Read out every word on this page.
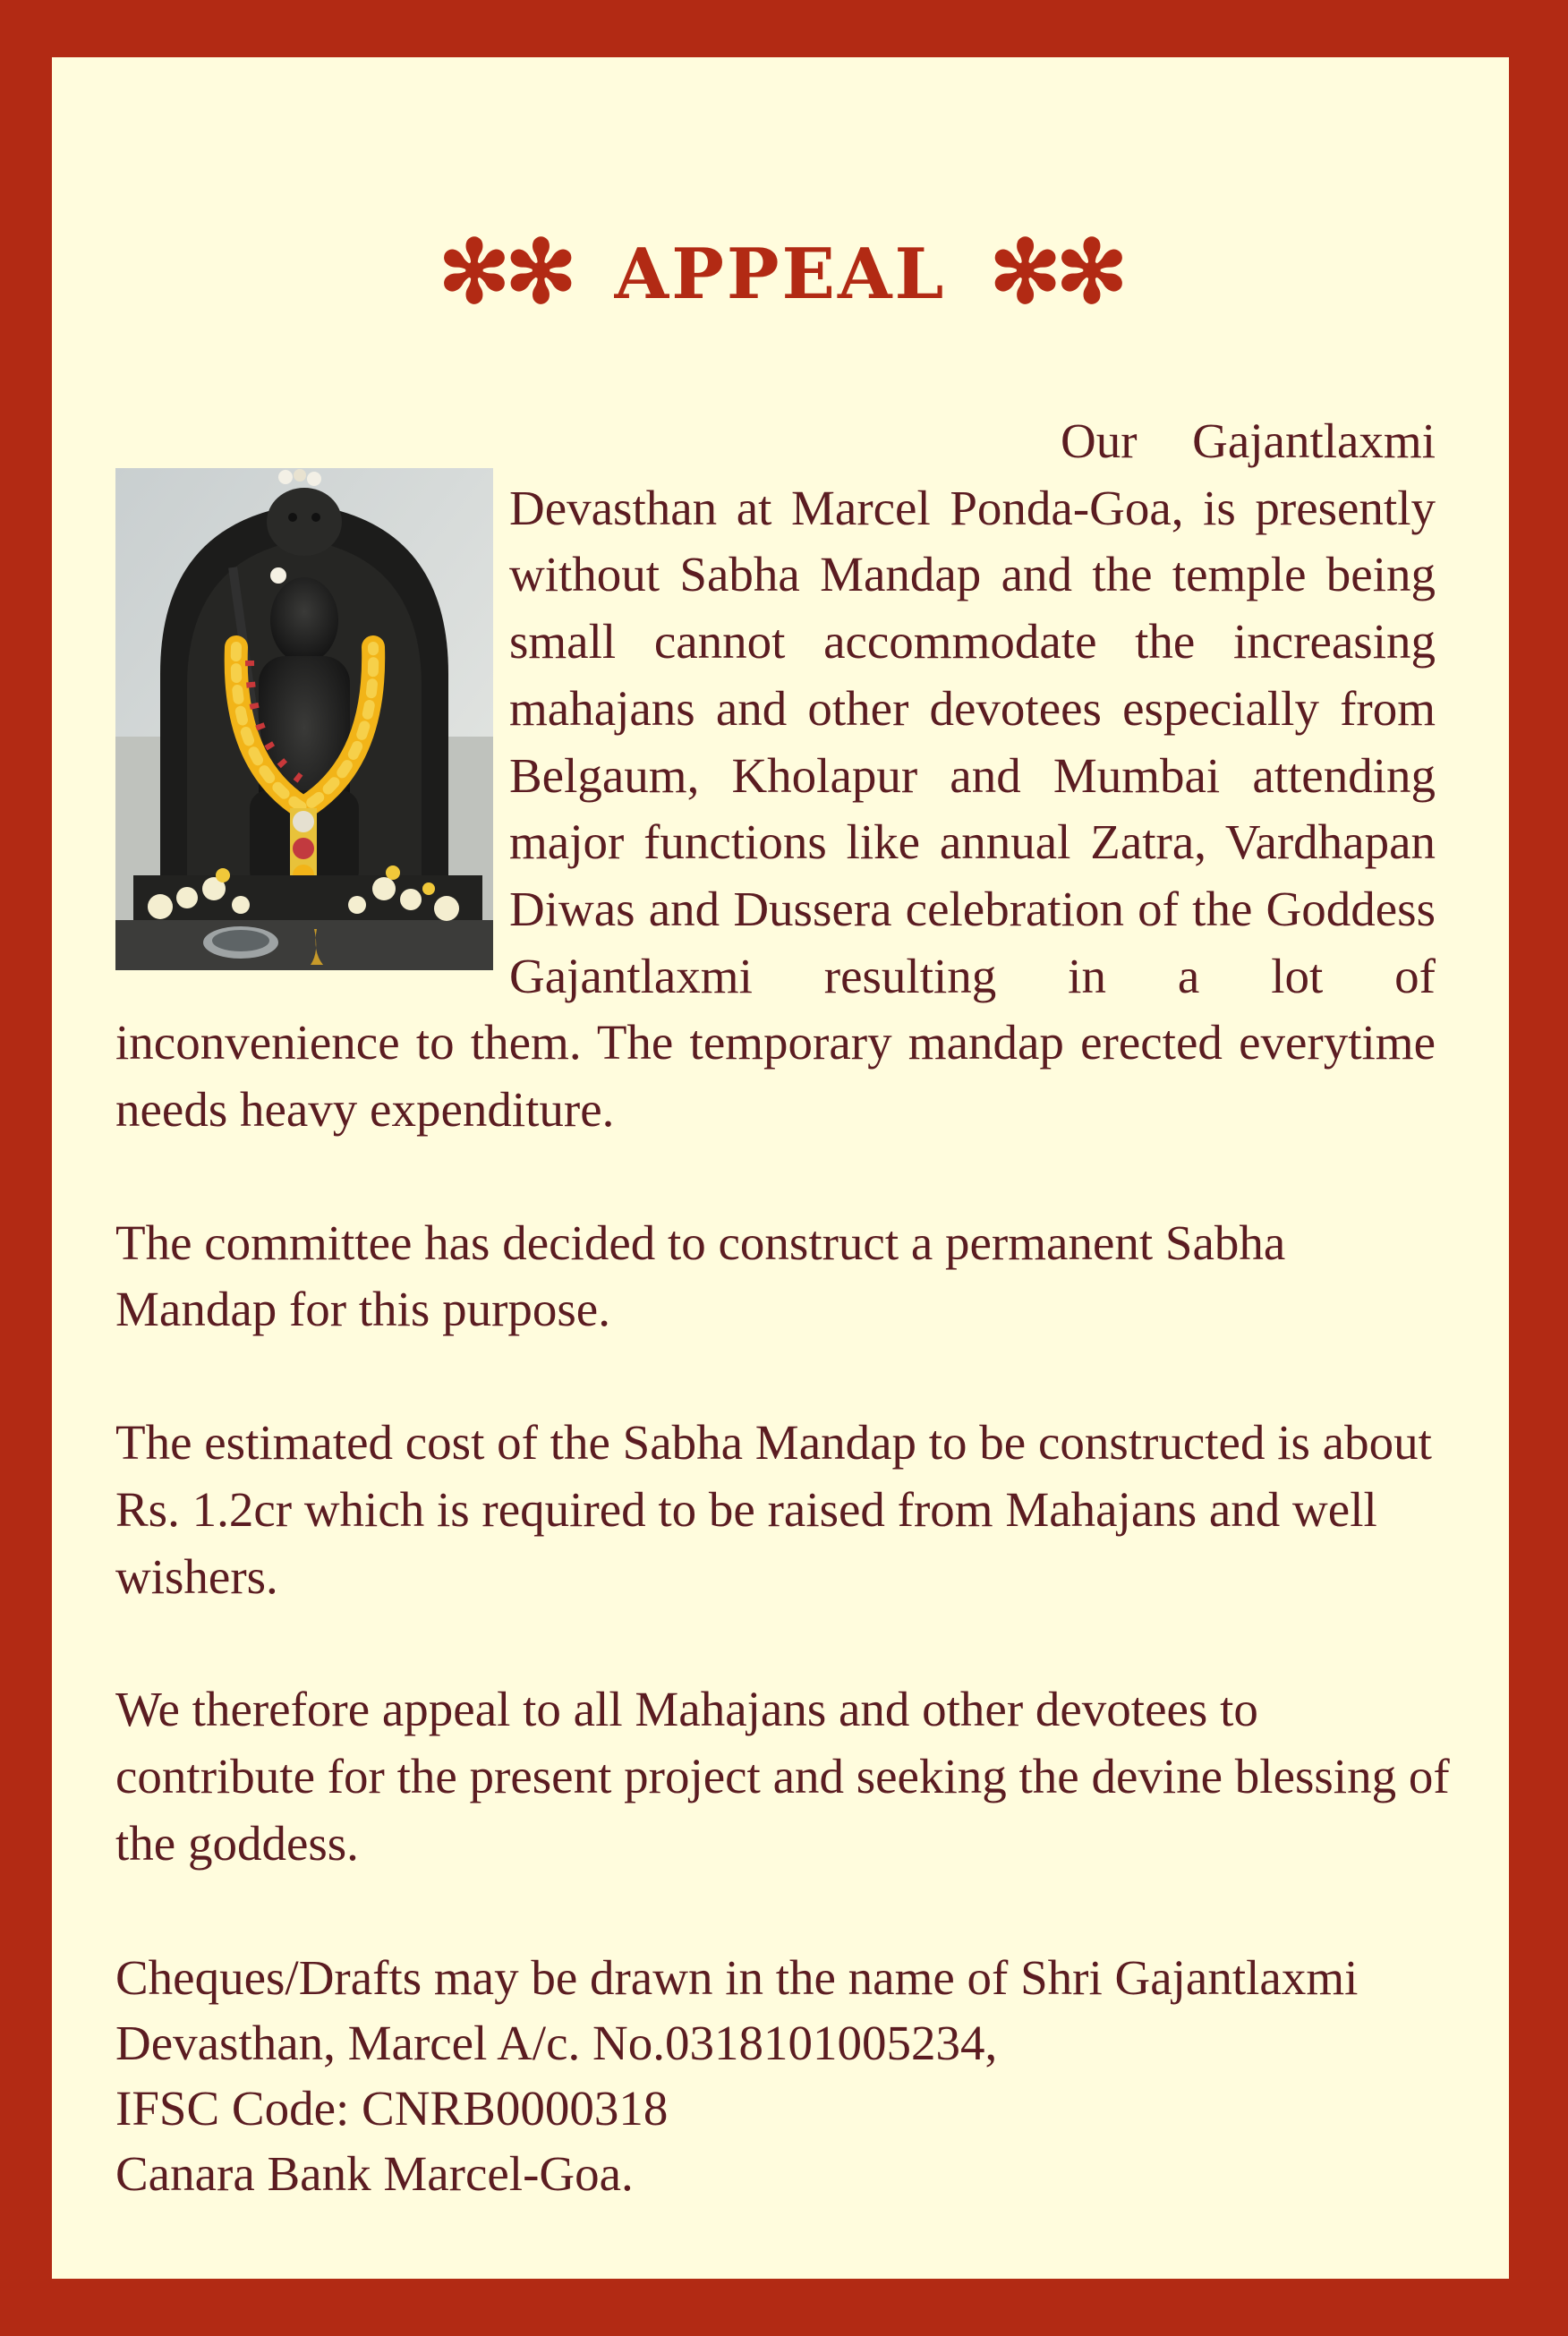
✻✻ APPEAL ✻✻

Our Gajantlaxmi Devasthan at Marcel Ponda-Goa, is presently without Sabha Mandap and the temple being small cannot accommodate the increasing mahajans and other devotees especially from Belgaum, Kholapur and Mumbai attending major functions like annual Zatra, Vardhapan Diwas and Dussera celebration of the Goddess Gajantlaxmi resulting in a lot of inconvenience to them. The temporary mandap erected everytime needs heavy expenditure.

The committee has decided to construct a permanent Sabha Mandap for this purpose.

The estimated cost of the Sabha Mandap to be constructed is about Rs. 1.2cr which is required to be raised from Mahajans and well wishers.

We therefore appeal to all Mahajans and other devotees to contribute for the present project and seeking the devine blessing of the goddess.

Cheques/Drafts may be drawn in the name of Shri Gajantlaxmi
Devasthan, Marcel A/c. No.0318101005234,
IFSC Code: CNRB0000318
Canara Bank Marcel-Goa.
